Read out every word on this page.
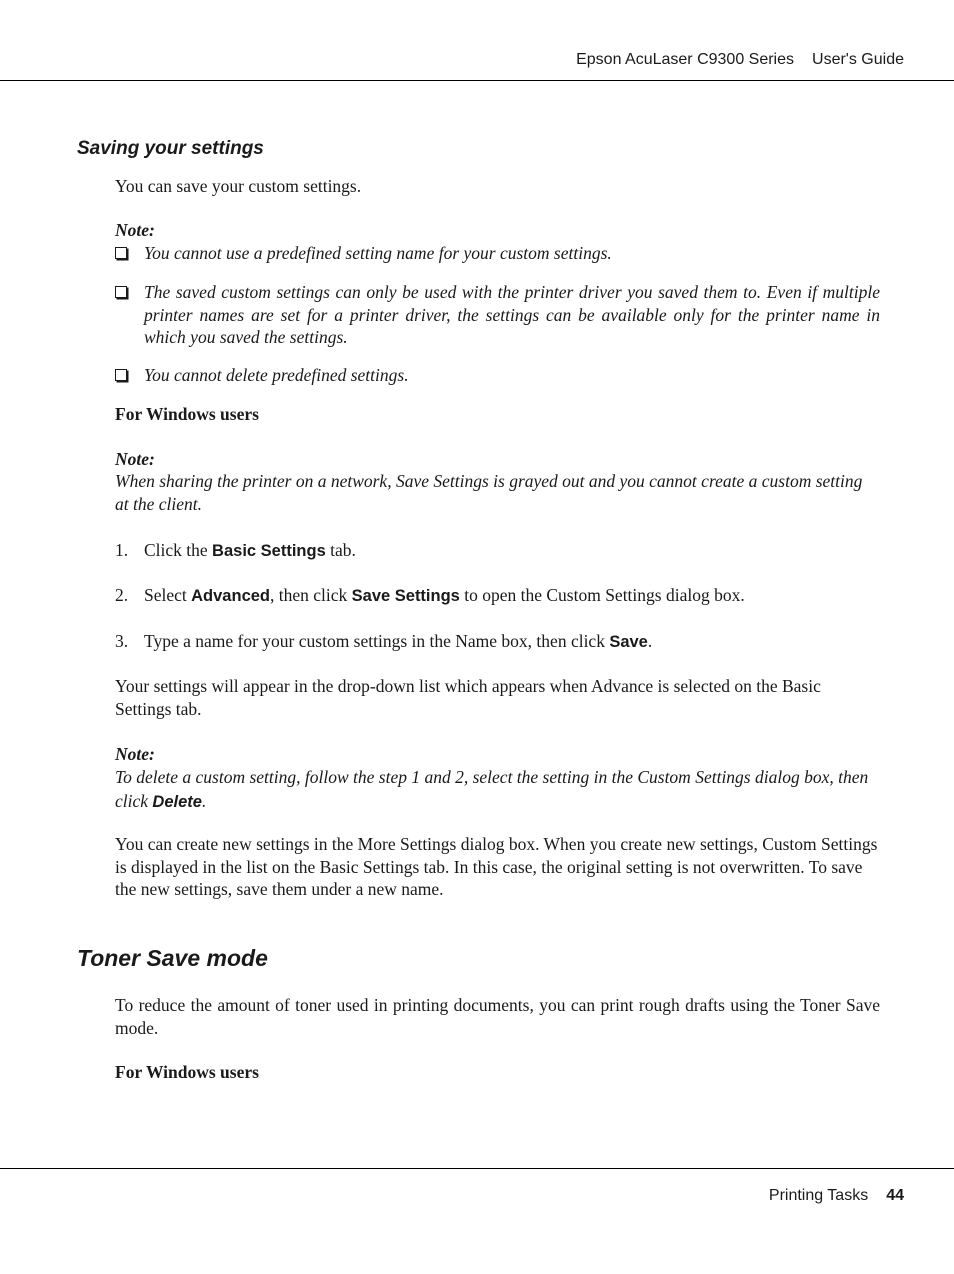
Epson AcuLaser C9300 Series User's Guide
Saving your settings
You can save your custom settings.
Note:
You cannot use a predefined setting name for your custom settings.
The saved custom settings can only be used with the printer driver you saved them to. Even if multiple printer names are set for a printer driver, the settings can be available only for the printer name in which you saved the settings.
You cannot delete predefined settings.
For Windows users
Note:
When sharing the printer on a network, Save Settings is grayed out and you cannot create a custom setting at the client.
1. Click the Basic Settings tab.
2. Select Advanced, then click Save Settings to open the Custom Settings dialog box.
3. Type a name for your custom settings in the Name box, then click Save.
Your settings will appear in the drop-down list which appears when Advance is selected on the Basic Settings tab.
Note:
To delete a custom setting, follow the step 1 and 2, select the setting in the Custom Settings dialog box, then click Delete.
You can create new settings in the More Settings dialog box. When you create new settings, Custom Settings is displayed in the list on the Basic Settings tab. In this case, the original setting is not overwritten. To save the new settings, save them under a new name.
Toner Save mode
To reduce the amount of toner used in printing documents, you can print rough drafts using the Toner Save mode.
For Windows users
Printing Tasks 44
